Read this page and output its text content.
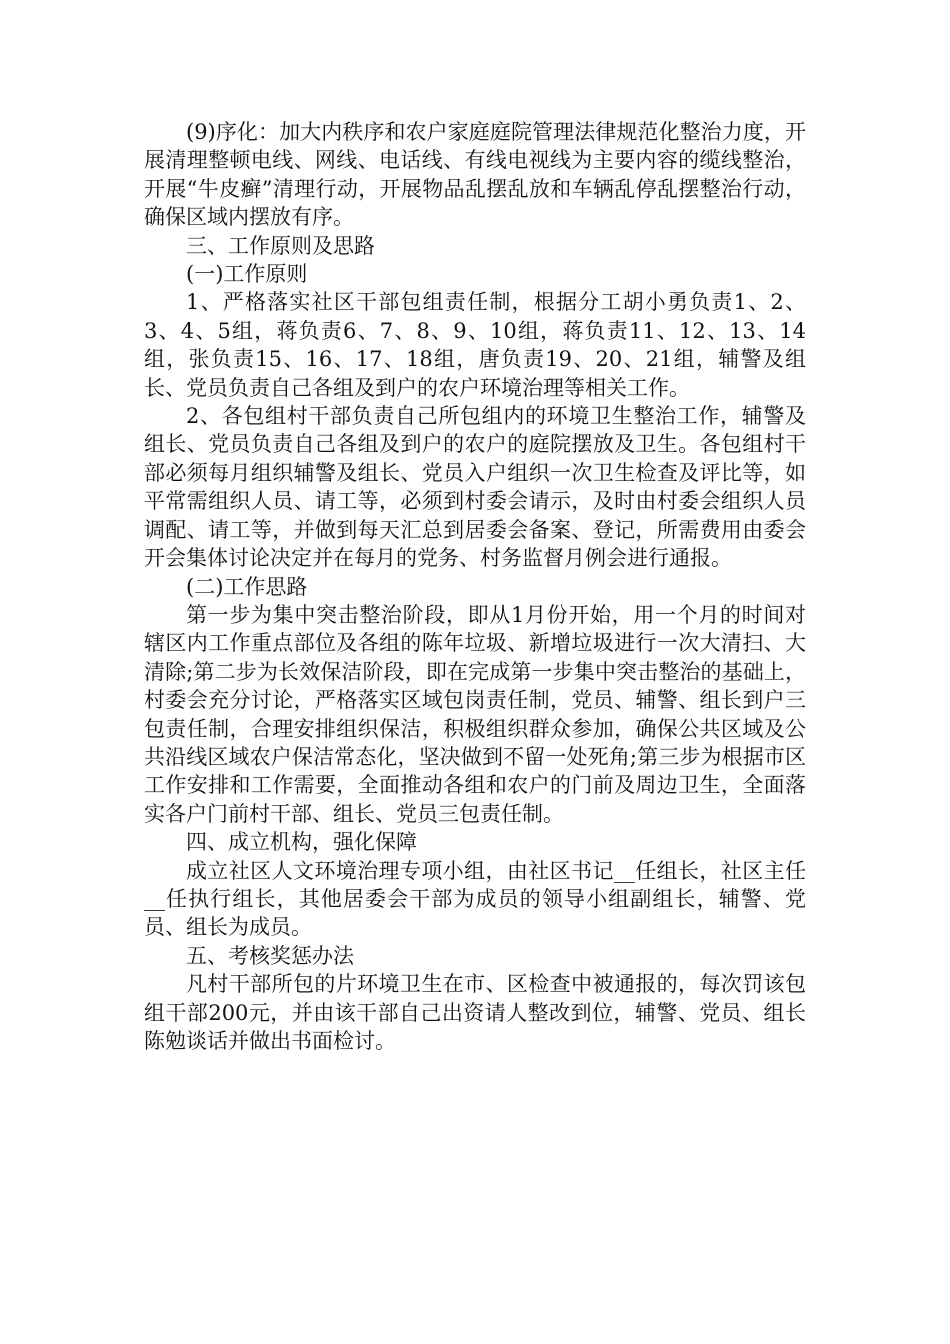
(9)序化：加大内秩序和农户家庭庭院管理法律规范化整治力度，开展清理整顿电线、网线、电话线、有线电视线为主要内容的缆线整治，开展“牛皮癣”清理行动，开展物品乱摆乱放和车辆乱停乱摆整治行动，确保区域内摆放有序。

三、工作原则及思路

(一)工作原则

1、严格落实社区干部包组责任制，根据分工胡小勇负责1、2、3、4、5组，蒋负责6、7、8、9、10组，蒋负责11、12、13、14组，张负责15、16、17、18组，唐负责19、20、21组，辅警及组长、党员负责自己各组及到户的农户环境治理等相关工作。

2、各包组村干部负责自己所包组内的环境卫生整治工作，辅警及组长、党员负责自己各组及到户的农户的庭院摆放及卫生。各包组村干部必须每月组织辅警及组长、党员入户组织一次卫生检查及评比等，如平常需组织人员、请工等，必须到村委会请示，及时由村委会组织人员调配、请工等，并做到每天汇总到居委会备案、登记，所需费用由委会开会集体讨论决定并在每月的党务、村务监督月例会进行通报。

(二)工作思路

第一步为集中突击整治阶段，即从1月份开始，用一个月的时间对辖区内工作重点部位及各组的陈年垃圾、新增垃圾进行一次大清扫、大清除;第二步为长效保洁阶段，即在完成第一步集中突击整治的基础上，村委会充分讨论，严格落实区域包岗责任制，党员、辅警、组长到户三包责任制，合理安排组织保洁，积极组织群众参加，确保公共区域及公共沿线区域农户保洁常态化，坚决做到不留一处死角;第三步为根据市区工作安排和工作需要，全面推动各组和农户的门前及周边卫生，全面落实各户门前村干部、组长、党员三包责任制。

四、成立机构，强化保障

成立社区人文环境治理专项小组，由社区书记__任组长，社区主任__任执行组长，其他居委会干部为成员的领导小组副组长，辅警、党员、组长为成员。

五、考核奖惩办法

凡村干部所包的片环境卫生在市、区检查中被通报的，每次罚该包组干部200元，并由该干部自己出资请人整改到位，辅警、党员、组长陈勉谈话并做出书面检讨。
